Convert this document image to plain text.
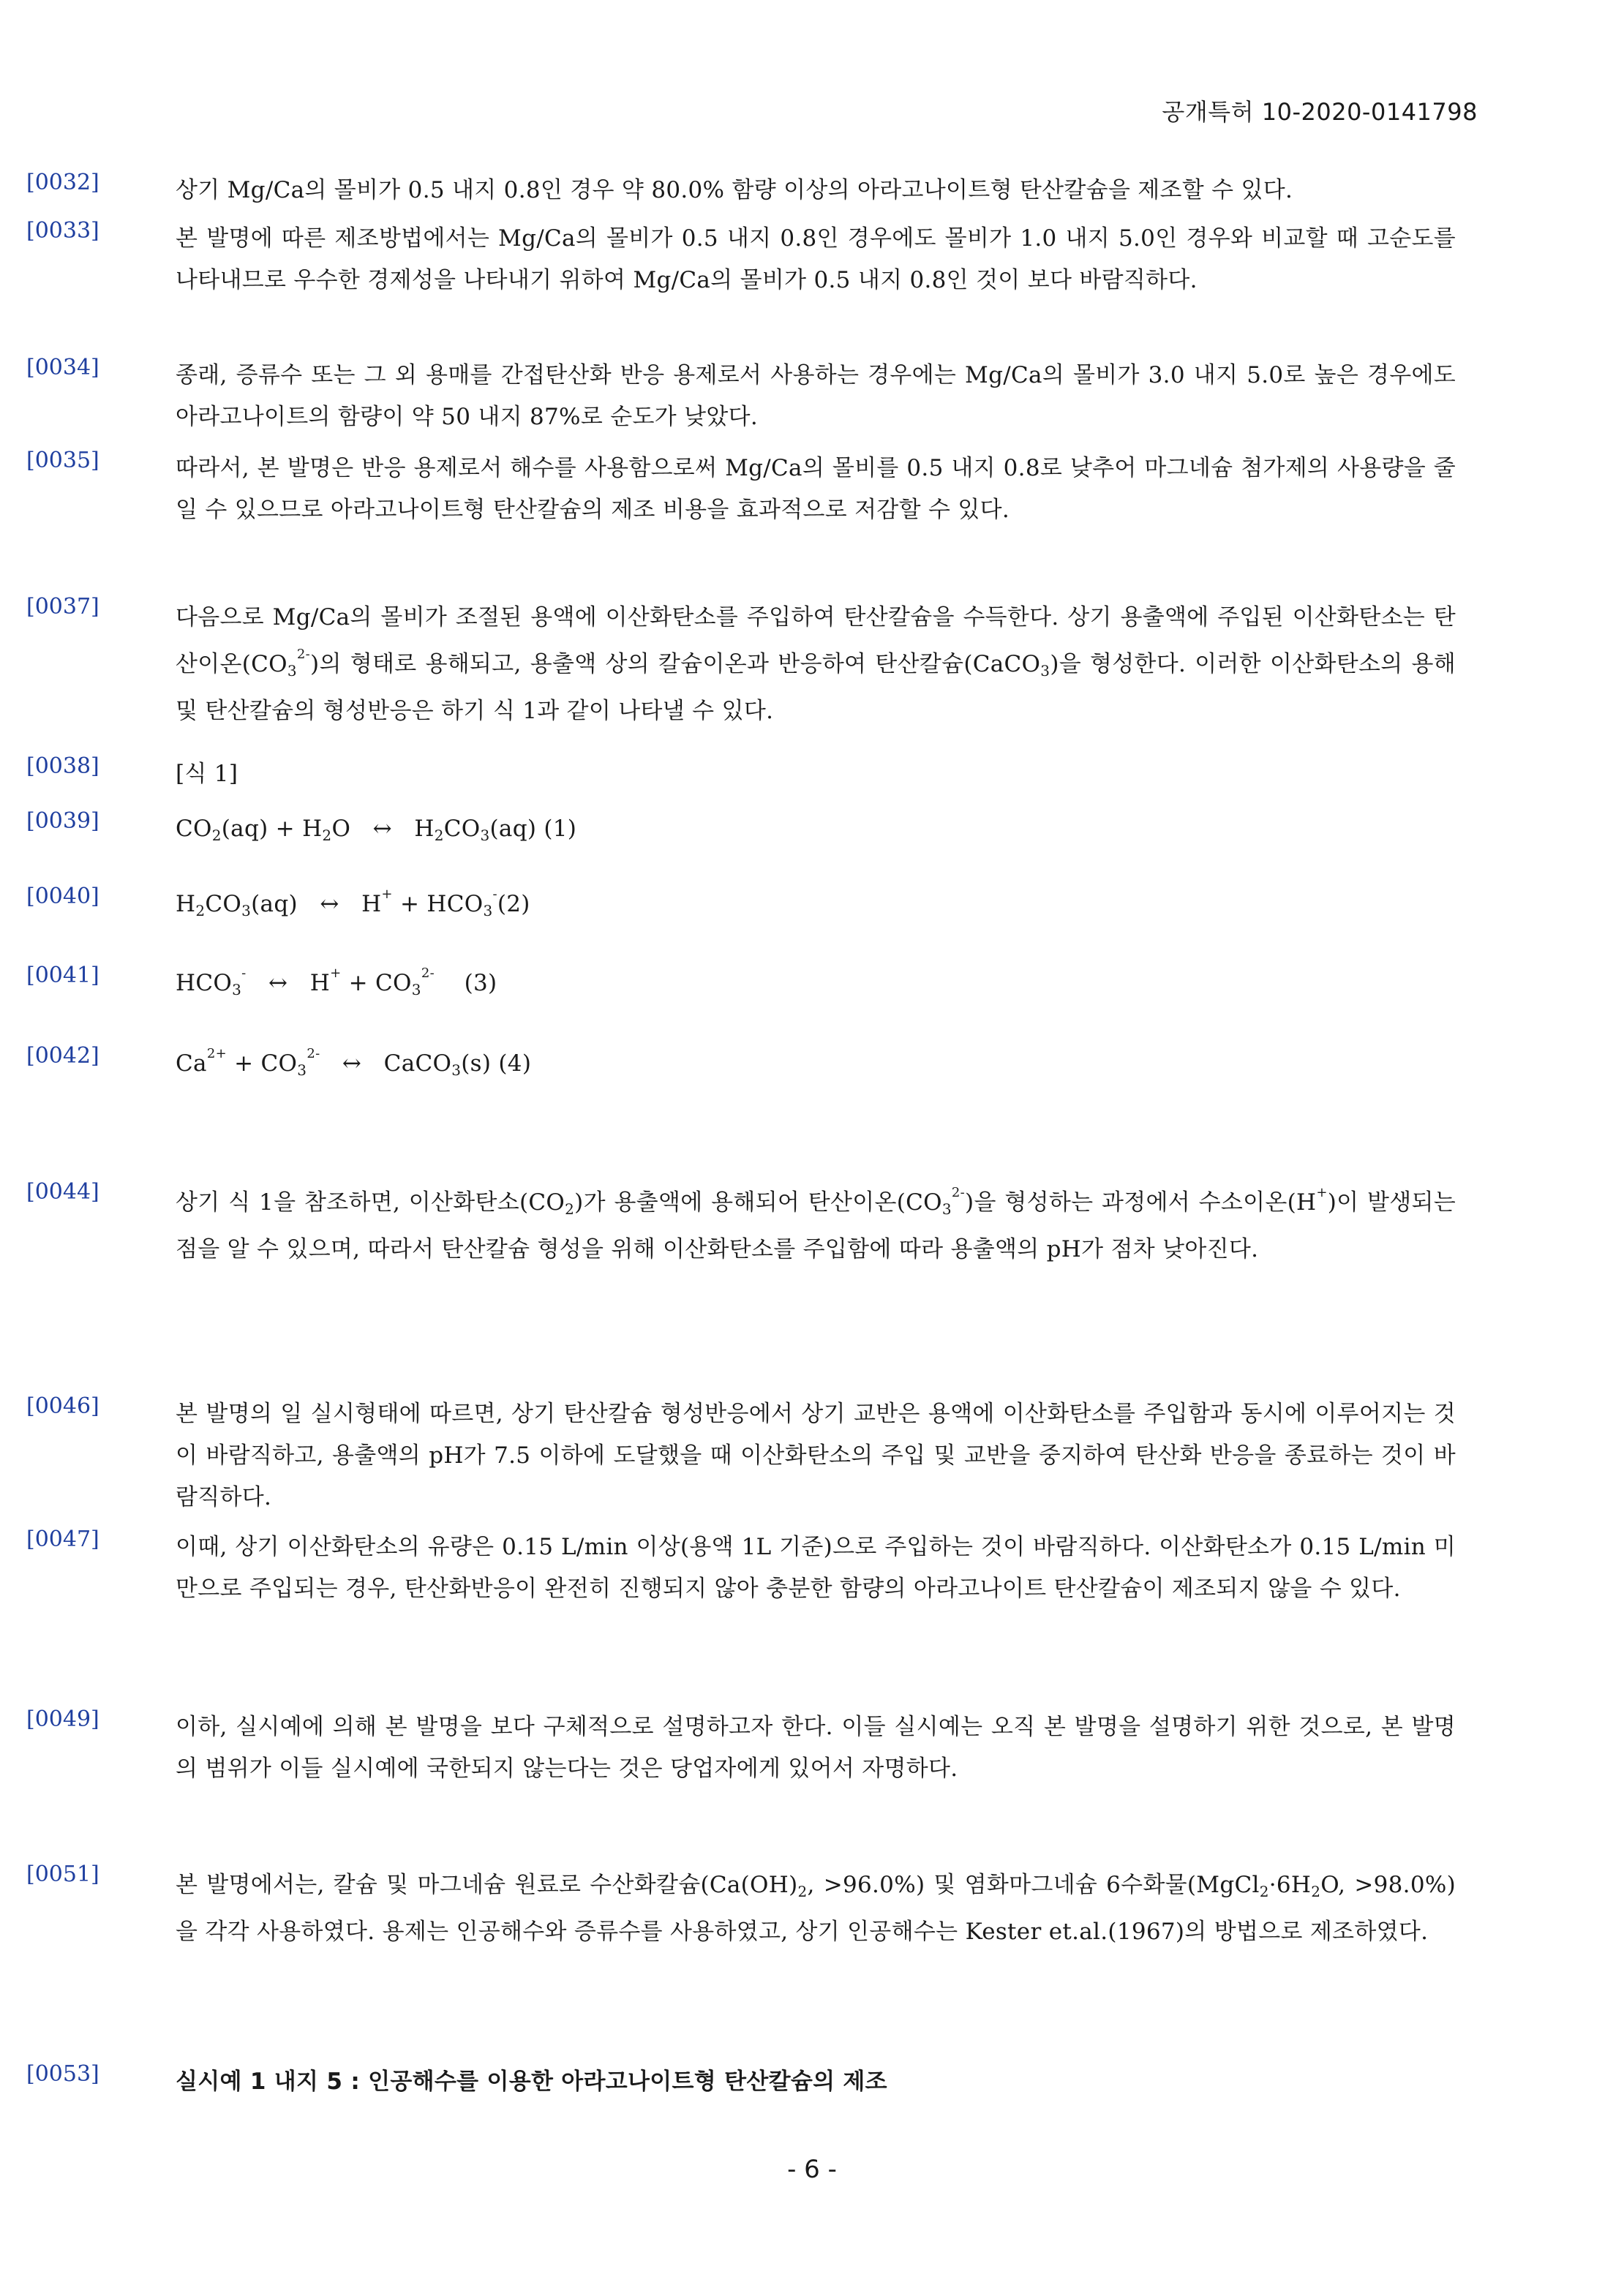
공개특허 10-2020-0141798
[0032]	상기 Mg/Ca의 몰비가 0.5 내지 0.8인 경우 약 80.0% 함량 이상의 아라고나이트형 탄산칼슘을 제조할 수 있다.
[0033]	본 발명에 따른 제조방법에서는 Mg/Ca의 몰비가 0.5 내지 0.8인 경우에도 몰비가 1.0 내지 5.0인 경우와 비교할 때 고순도를 나타내므로 우수한 경제성을 나타내기 위하여 Mg/Ca의 몰비가 0.5 내지 0.8인 것이 보다 바람직하다.
[0034]	종래, 증류수 또는 그 외 용매를 간접탄산화 반응 용제로서 사용하는 경우에는 Mg/Ca의 몰비가 3.0 내지 5.0로 높은 경우에도 아라고나이트의 함량이 약 50 내지 87%로 순도가 낮았다.
[0035]	따라서, 본 발명은 반응 용제로서 해수를 사용함으로써 Mg/Ca의 몰비를 0.5 내지 0.8로 낮추어 마그네슘 첨가제의 사용량을 줄일 수 있으므로 아라고나이트형 탄산칼슘의 제조 비용을 효과적으로 저감할 수 있다.
[0037]	다음으로 Mg/Ca의 몰비가 조절된 용액에 이산화탄소를 주입하여 탄산칼슘을 수득한다. 상기 용출액에 주입된 이산화탄소는 탄산이온$(CO_3^{2-})$의 형태로 용해되고, 용출액 상의 칼슘이온과 반응하여 탄산칼슘(CaCO$_3$)을 형성한다. 이러한 이산화탄소의 용해 및 탄산칼슘의 형성반응은 하기 식 1과 같이 나타낼 수 있다.
[0038]	[식 1]
[0039]	$CO_2(aq) + H_2O$ ↔ $H_2CO_3(aq)$ (1)
[0040]	$H_2CO_3(aq)$ ↔ $H^+ + HCO_3^-(2)$
[0041]	$HCO_3^-$ ↔ $H^+ + CO_3^{2-}$ (3)
[0042]	$Ca^{2+} + CO_3^{2-}$ ↔ CaCO$_3$(s) (4)
[0044]	상기 식 1을 참조하면, 이산화탄소$(CO_2)$가 용출액에 용해되어 탄산이온$(CO_3^{2-})$을 형성하는 과정에서 수소이온(H+)이 발생되는 점을 알 수 있으며, 따라서 탄산칼슘 형성을 위해 이산화탄소를 주입함에 따라 용출액의 pH가 점차 낮아진다.
[0046]	본 발명의 일 실시형태에 따르면, 상기 탄산칼슘 형성반응에서 상기 교반은 용액에 이산화탄소를 주입함과 동시에 이루어지는 것이 바람직하고, 용출액의 pH가 7.5 이하에 도달했을 때 이산화탄소의 주입 및 교반을 중지하여 탄산화 반응을 종료하는 것이 바람직하다.
[0047]	이때, 상기 이산화탄소의 유량은 0.15 L/min 이상(용액 1L 기준)으로 주입하는 것이 바람직하다. 이산화탄소가 0.15 L/min 미만으로 주입되는 경우, 탄산화반응이 완전히 진행되지 않아 충분한 함량의 아라고나이트 탄산칼슘이 제조되지 않을 수 있다.
[0049]	이하, 실시예에 의해 본 발명을 보다 구체적으로 설명하고자 한다. 이들 실시예는 오직 본 발명을 설명하기 위한 것으로, 본 발명의 범위가 이들 실시예에 국한되지 않는다는 것은 당업자에게 있어서 자명하다.
[0051]	본 발명에서는, 칼슘 및 마그네슘 원료로 수산화칼슘($Ca(OH)_2$, >96.0%) 및 염화마그네슘 6수화물($MgCl_2\cdot 6H_2O$, >98.0%)을 각각 사용하였다. 용제는 인공해수와 증류수를 사용하였고, 상기 인공해수는 Kester et.al.(1967)의 방법으로 제조하였다.
[0053]	실시예 1 내지 5 : 인공해수를 이용한 아라고나이트형 탄산칼슘의 제조
- 6 -
